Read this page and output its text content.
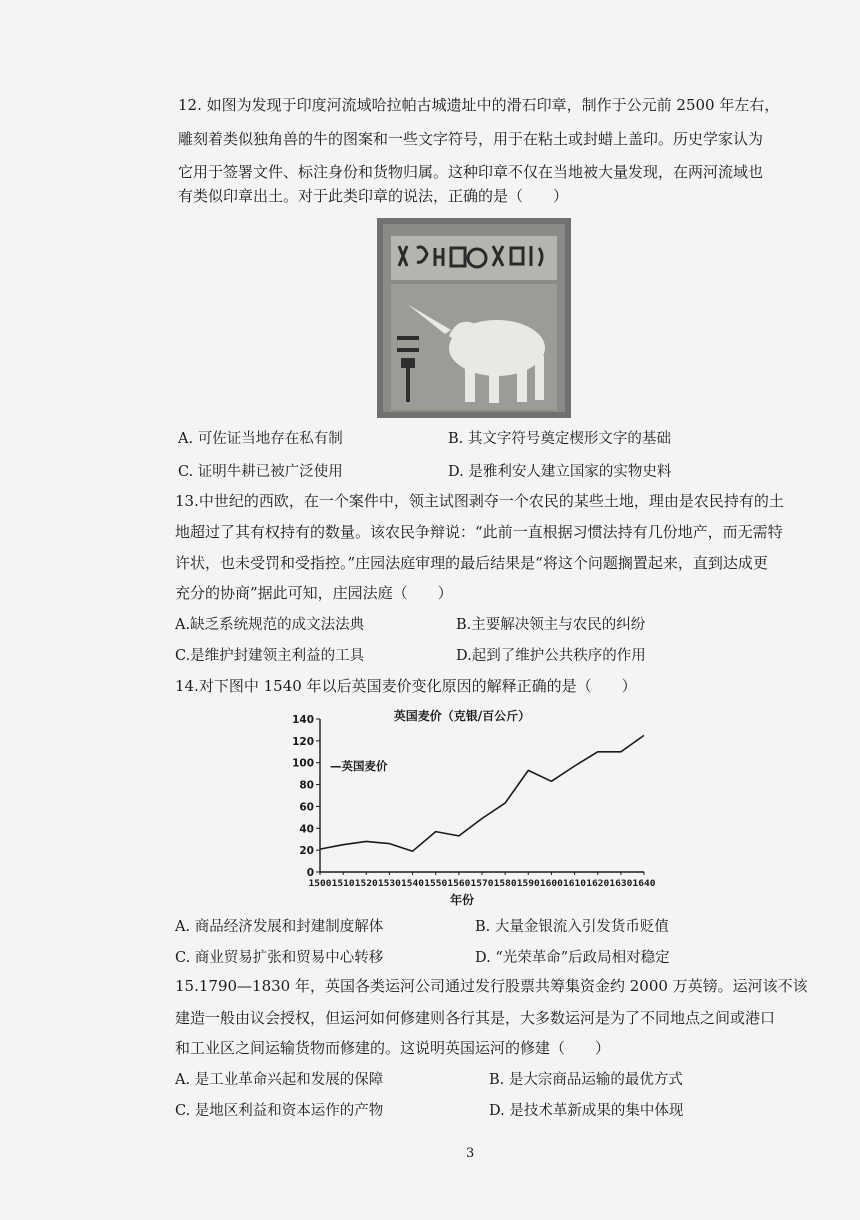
12. 如图为发现于印度河流域哈拉帕古城遗址中的滑石印章，制作于公元前 2500 年左右，
雕刻着类似独角兽的牛的图案和一些文字符号，用于在粘土或封蜡上盖印。历史学家认为
它用于签署文件、标注身份和货物归属。这种印章不仅在当地被大量发现，在两河流域也
有类似印章出土。对于此类印章的说法，正确的是（　　）
A. 可佐证当地存在私有制	B. 其文字符号奠定楔形文字的基础
C. 证明牛耕已被广泛使用	D. 是雅利安人建立国家的实物史料
13.中世纪的西欧，在一个案件中，领主试图剥夺一个农民的某些土地，理由是农民持有的土
地超过了其有权持有的数量。该农民争辩说：“此前一直根据习惯法持有几份地产，而无需特
许状，也未受罚和受指控。”庄园法庭审理的最后结果是“将这个问题搁置起来，直到达成更
充分的协商”据此可知，庄园法庭（　　）
A.缺乏系统规范的成文法法典	B.主要解决领主与农民的纠纷
C.是维护封建领主利益的工具	D.起到了维护公共秩序的作用
14.对下图中 1540 年以后英国麦价变化原因的解释正确的是（　　）
英国麦价（克银/百公斤）
—英国麦价
年份
0
20
40
60
80
100
120
140
1500 1510 1520 1530 1540 1550 1560 1570 1580 1590 1600 1610 1620 1630 1640
A. 商品经济发展和封建制度解体	B. 大量金银流入引发货币贬值
C. 商业贸易扩张和贸易中心转移	D. “光荣革命”后政局相对稳定
15.1790—1830 年，英国各类运河公司通过发行股票共筹集资金约 2000 万英镑。运河该不该
建造一般由议会授权，但运河如何修建则各行其是，大多数运河是为了不同地点之间或港口
和工业区之间运输货物而修建的。这说明英国运河的修建（　　）
A. 是工业革命兴起和发展的保障	B. 是大宗商品运输的最优方式
C. 是地区利益和资本运作的产物	D. 是技术革新成果的集中体现
3
